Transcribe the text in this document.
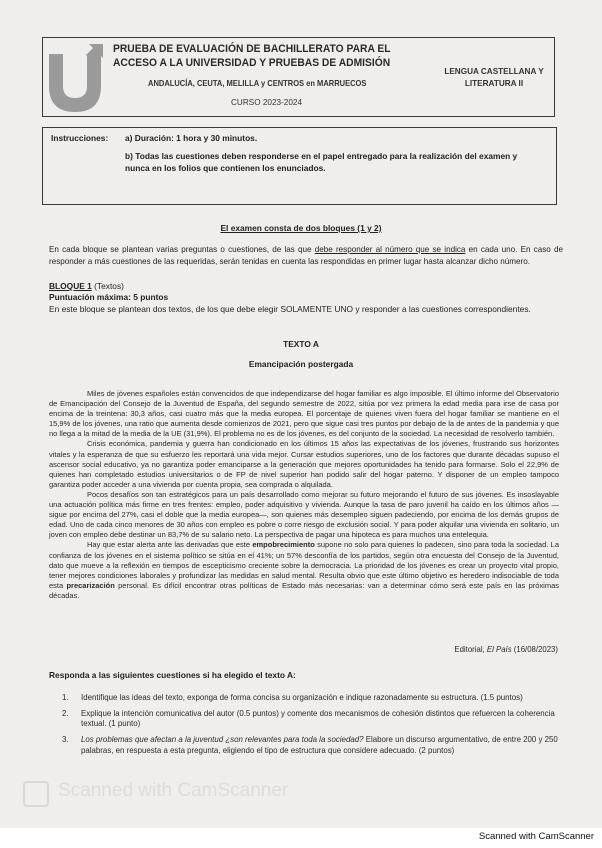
PRUEBA DE EVALUACIÓN DE BACHILLERATO PARA EL ACCESO A LA UNIVERSIDAD Y PRUEBAS DE ADMISIÓN
ANDALUCÍA, CEUTA, MELILLA y CENTROS en MARRUECOS
CURSO 2023-2024
LENGUA CASTELLANA Y LITERATURA II
Instrucciones: a) Duración: 1 hora y 30 minutos.
b) Todas las cuestiones deben responderse en el papel entregado para la realización del examen y nunca en los folios que contienen los enunciados.
El examen consta de dos bloques (1 y 2)
En cada bloque se plantean varias preguntas o cuestiones, de las que debe responder al número que se indica en cada uno. En caso de responder a más cuestiones de las requeridas, serán tenidas en cuenta las respondidas en primer lugar hasta alcanzar dicho número.
BLOQUE 1 (Textos)
Puntuación máxima: 5 puntos
En este bloque se plantean dos textos, de los que debe elegir SOLAMENTE UNO y responder a las cuestiones correspondientes.
TEXTO A
Emancipación postergada

Miles de jóvenes españoles están convencidos de que independizarse del hogar familiar es algo imposible. El último informe del Observatorio de Emancipación del Consejo de la Juventud de España, del segundo semestre de 2022, sitúa por vez primera la edad media para irse de casa por encima de la treintena: 30,3 años, casi cuatro más que la media europea. El porcentaje de quienes viven fuera del hogar familiar se mantiene en el 15,9% de los jóvenes, una ratio que aumenta desde comienzos de 2021, pero que sigue casi tres puntos por debajo de la de antes de la pandemia y que no llega a la mitad de la media de la UE (31,9%). El problema no es de los jóvenes, es del conjunto de la sociedad. La necesidad de resolverlo también.

Crisis económica, pandemia y guerra han condicionado en los últimos 15 años las expectativas de los jóvenes, frustrando sus horizontes vitales y la esperanza de que su esfuerzo les reportará una vida mejor. Cursar estudios superiores, uno de los factores que durante décadas supuso el ascensor social educativo, ya no garantiza poder emanciparse a la generación que mejores oportunidades ha tenido para formarse. Solo el 22,9% de quienes han completado estudios universitarios o de FP de nivel superior han podido salir del hogar paterno. Y disponer de un empleo tampoco garantiza poder acceder a una vivienda por cuenta propia, sea comprada o alquilada.

Pocos desafíos son tan estratégicos para un país desarrollado como mejorar su futuro mejorando el futuro de sus jóvenes. Es insoslayable una actuación política más firme en tres frentes: empleo, poder adquisitivo y vivienda. Aunque la tasa de paro juvenil ha caído en los últimos años —sigue por encima del 27%, casi el doble que la media europea—, son quienes más desempleo siguen padeciendo, por encima de los demás grupos de edad. Uno de cada cinco menores de 30 años con empleo es pobre o corre riesgo de exclusión social. Y para poder alquilar una vivienda en solitario, un joven con empleo debe destinar un 83,7% de su salario neto. La perspectiva de pagar una hipoteca es para muchos una entelequia.

Hay que estar alerta ante las derivadas que este empobrecimiento supone no solo para quienes lo padecen, sino para toda la sociedad. La confianza de los jóvenes en el sistema político se sitúa en el 41%; un 57% desconfía de los partidos, según otra encuesta del Consejo de la Juventud, dato que mueve a la reflexión en tiempos de escepticismo creciente sobre la democracia. La prioridad de los jóvenes es crear un proyecto vital propio, tener mejores condiciones laborales y profundizar las medidas en salud mental. Resulta obvio que este último objetivo es heredero indisociable de toda esta precarización personal. Es difícil encontrar otras políticas de Estado más necesarias: van a determinar cómo será este país en las próximas décadas.

Editorial, El País (16/08/2023)
Responda a las siguientes cuestiones si ha elegido el texto A:
1. Identifique las ideas del texto, exponga de forma concisa su organización e indique razonadamente su estructura. (1.5 puntos)
2. Explique la intención comunicativa del autor (0.5 puntos) y comente dos mecanismos de cohesión distintos que refuercen la coherencia textual. (1 punto)
3. Los problemas que afectan a la juventud ¿son relevantes para toda la sociedad? Elabore un discurso argumentativo, de entre 200 y 250 palabras, en respuesta a esta pregunta, eligiendo el tipo de estructura que considere adecuado. (2 puntos)
Scanned with CamScanner
Scanned with CamScanner
